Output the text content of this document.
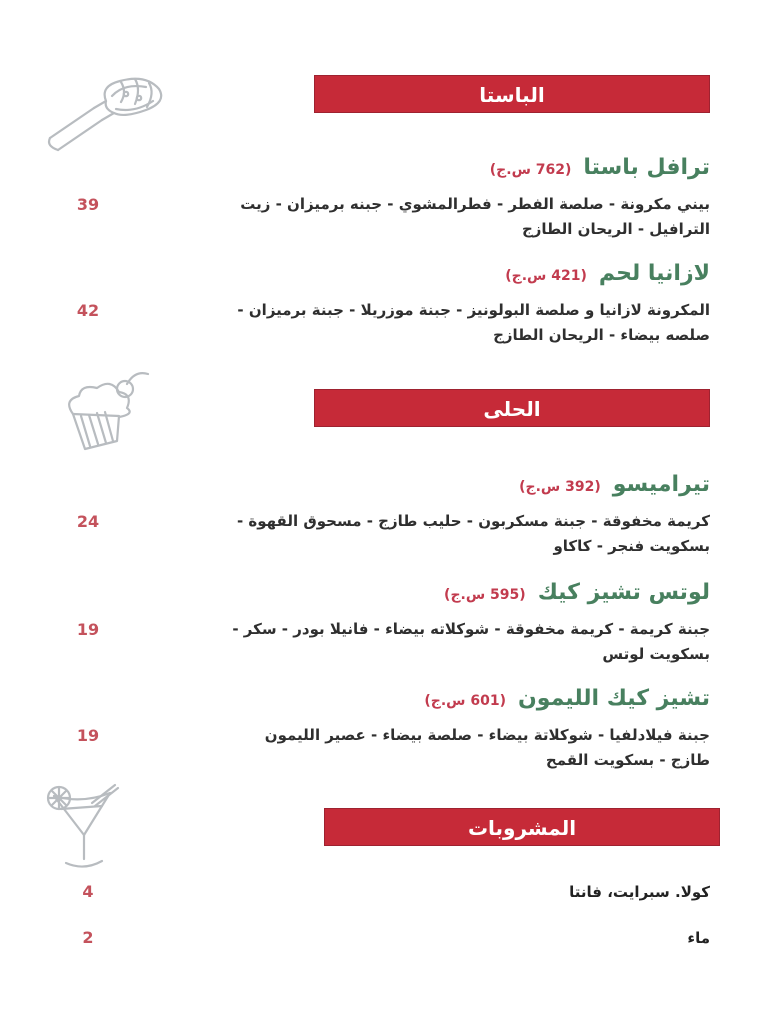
الباستا
ترافل باستا
(762 س.ج)

بيني مكرونة - صلصة الفطر - فطرالمشوي - جبنه برميزان - زيت الترافيل - الريحان الطازج

39
لازانيا لحم
(421 س.ج)

المكرونة لازانيا و صلصة البولونيز - جبنة موزريلا - جبنة برميزان - صلصه بيضاء - الريحان الطازج

42
الحلى
تيراميسو
(392 س.ج)

كريمة مخفوقة - جبنة مسكربون - حليب طازج - مسحوق القهوة - بسكويت فنجر - كاكاو

24
لوتس تشيز كيك
(595 س.ج)

جبنة كريمة - كريمة مخفوقة - شوكلاته بيضاء - فانيلا بودر - سكر - بسكويت لوتس

19
تشيز كيك الليمون
(601 س.ج)

جبنة فيلادلفيا - شوكلاتة بيضاء - صلصة بيضاء - عصير الليمون طازج - بسكويت القمح

19
المشروبات
كولا. سبرايت، فانتا
4
ماء
2
